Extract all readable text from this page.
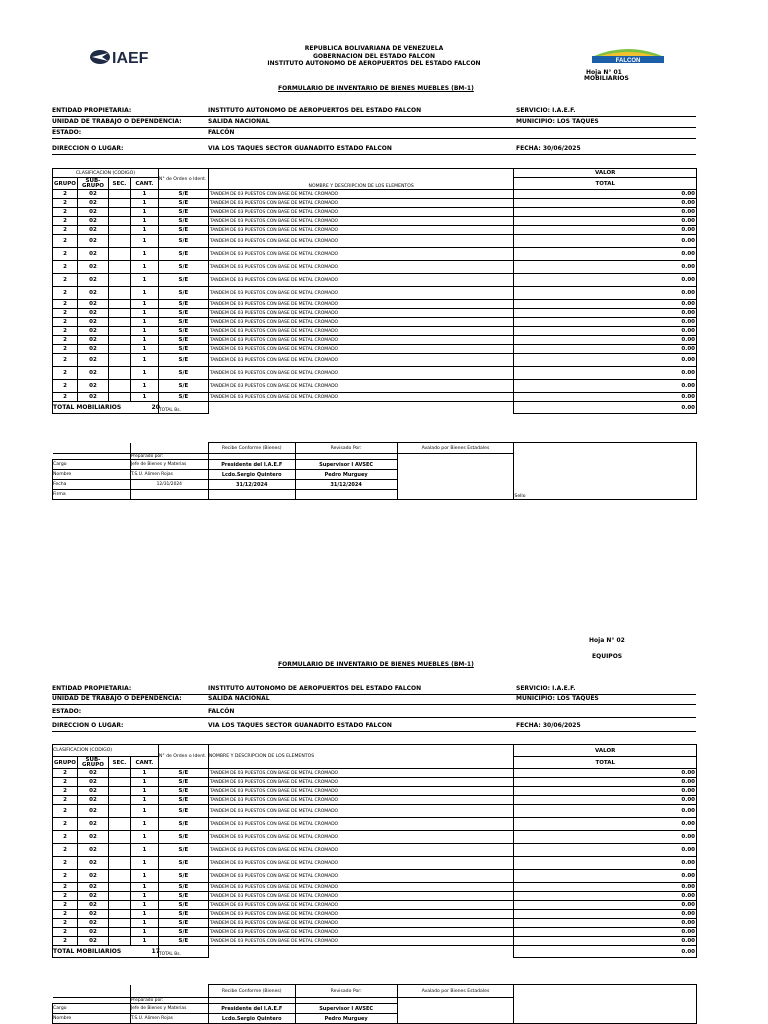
IAEF	FALCON
REPUBLICA BOLIVARIANA DE VENEZUELA
GOBERNACION DEL ESTADO FALCON
INSTITUTO AUTONOMO DE AEROPUERTOS DEL ESTADO FALCON
Hoja N° 01
MOBILIARIOS
FORMULARIO DE INVENTARIO DE BIENES MUEBLES (BM-1)
ENTIDAD PROPIETARIA:	INSTITUTO AUTONOMO DE AEROPUERTOS DEL ESTADO FALCON	SERVICIO: I.A.E.F.
UNIDAD DE TRABAJO O DEPENDENCIA:	SALIDA NACIONAL	MUNICIPIO: LOS TAQUES
ESTADO:	FALCÓN
DIRECCION O LUGAR:	VIA LOS TAQUES SECTOR GUANADITO ESTADO FALCON	FECHA: 30/06/2025
CLASIFICACION (CODIGO)				N° de Orden o Ident.	NOMBRE Y DESCRIPCION DE LOS ELEMENTOS	VALOR
GRUPO	SUB-GRUPO	SEC.	CANT.			TOTAL
2	02		1	S/E	TANDEM DE 03 PUESTOS CON BASE DE METAL CROMADO	0.00
2	02		1	S/E	TANDEM DE 03 PUESTOS CON BASE DE METAL CROMADO	0.00
2	02		1	S/E	TANDEM DE 03 PUESTOS CON BASE DE METAL CROMADO	0.00
2	02		1	S/E	TANDEM DE 03 PUESTOS CON BASE DE METAL CROMADO	0.00
2	02		1	S/E	TANDEM DE 03 PUESTOS CON BASE DE METAL CROMADO	0.00
2	02		1	S/E	TANDEM DE 03 PUESTOS CON BASE DE METAL CROMADO	0.00
2	02		1	S/E	TANDEM DE 03 PUESTOS CON BASE DE METAL CROMADO	0.00
2	02		1	S/E	TANDEM DE 03 PUESTOS CON BASE DE METAL CROMADO	0.00
2	02		1	S/E	TANDEM DE 03 PUESTOS CON BASE DE METAL CROMADO	0.00
2	02		1	S/E	TANDEM DE 03 PUESTOS CON BASE DE METAL CROMADO	0.00
2	02		1	S/E	TANDEM DE 03 PUESTOS CON BASE DE METAL CROMADO	0.00
2	02		1	S/E	TANDEM DE 03 PUESTOS CON BASE DE METAL CROMADO	0.00
2	02		1	S/E	TANDEM DE 03 PUESTOS CON BASE DE METAL CROMADO	0.00
2	02		1	S/E	TANDEM DE 03 PUESTOS CON BASE DE METAL CROMADO	0.00
2	02		1	S/E	TANDEM DE 03 PUESTOS CON BASE DE METAL CROMADO	0.00
2	02		1	S/E	TANDEM DE 03 PUESTOS CON BASE DE METAL CROMADO	0.00
2	02		1	S/E	TANDEM DE 03 PUESTOS CON BASE DE METAL CROMADO	0.00
2	02		1	S/E	TANDEM DE 03 PUESTOS CON BASE DE METAL CROMADO	0.00
2	02		1	S/E	TANDEM DE 03 PUESTOS CON BASE DE METAL CROMADO	0.00
2	02		1	S/E	TANDEM DE 03 PUESTOS CON BASE DE METAL CROMADO	0.00
TOTAL MOBILIARIOS 20				TOTAL Bs.		0.00
		Recibe Conforme (Bienes)	Revisado Por:	Avalado por Bienes Estadales	Sello
	Preparado por:				
Cargo	Jefe de Bienes y Materias	Presidente del I.A.E.F	Supervisor I AVSEC		
Nombre	T.S.U. Alimen Rojas	Lcdo.Sergio Quintero	Pedro Murguey		
Fecha	12/31/2024	31/12/2024	31/12/2024		
Firma					
Hoja N° 02
EQUIPOS
FORMULARIO DE INVENTARIO DE BIENES MUEBLES (BM-1)
ENTIDAD PROPIETARIA:	INSTITUTO AUTONOMO DE AEROPUERTOS DEL ESTADO FALCON	SERVICIO: I.A.E.F.
UNIDAD DE TRABAJO O DEPENDENCIA:	SALIDA NACIONAL	MUNICIPIO: LOS TAQUES
ESTADO:	FALCÓN
DIRECCION O LUGAR:	VIA LOS TAQUES SECTOR GUANADITO ESTADO FALCON	FECHA: 30/06/2025
CLASIFICACION (CODIGO)				N° de Orden o Ident.	NOMBRE Y DESCRIPCION DE LOS ELEMENTOS	VALOR
GRUPO	SUB-GRUPO	SEC.	CANT.			TOTAL
2	02		1	S/E	TANDEM DE 03 PUESTOS CON BASE DE METAL CROMADO	0.00
2	02		1	S/E	TANDEM DE 03 PUESTOS CON BASE DE METAL CROMADO	0.00
2	02		1	S/E	TANDEM DE 03 PUESTOS CON BASE DE METAL CROMADO	0.00
2	02		1	S/E	TANDEM DE 03 PUESTOS CON BASE DE METAL CROMADO	0.00
2	02		1	S/E	TANDEM DE 03 PUESTOS CON BASE DE METAL CROMADO	0.00
2	02		1	S/E	TANDEM DE 03 PUESTOS CON BASE DE METAL CROMADO	0.00
2	02		1	S/E	TANDEM DE 03 PUESTOS CON BASE DE METAL CROMADO	0.00
2	02		1	S/E	TANDEM DE 03 PUESTOS CON BASE DE METAL CROMADO	0.00
2	02		1	S/E	TANDEM DE 03 PUESTOS CON BASE DE METAL CROMADO	0.00
2	02		1	S/E	TANDEM DE 03 PUESTOS CON BASE DE METAL CROMADO	0.00
2	02		1	S/E	TANDEM DE 03 PUESTOS CON BASE DE METAL CROMADO	0.00
2	02		1	S/E	TANDEM DE 03 PUESTOS CON BASE DE METAL CROMADO	0.00
2	02		1	S/E	TANDEM DE 03 PUESTOS CON BASE DE METAL CROMADO	0.00
2	02		1	S/E	TANDEM DE 03 PUESTOS CON BASE DE METAL CROMADO	0.00
2	02		1	S/E	TANDEM DE 03 PUESTOS CON BASE DE METAL CROMADO	0.00
2	02		1	S/E	TANDEM DE 03 PUESTOS CON BASE DE METAL CROMADO	0.00
2	02		1	S/E	TANDEM DE 03 PUESTOS CON BASE DE METAL CROMADO	0.00
TOTAL MOBILIARIOS 17				TOTAL Bs.		0.00
		Recibe Conforme (Bienes)	Revisado Por:	Avalado por Bienes Estadales	
	Preparado por:				
Cargo	Jefe de Bienes y Materias	Presidente del I.A.E.F	Supervisor I AVSEC		
Nombre	T.S.U. Alimen Rojas	Lcdo.Sergio Quintero	Pedro Murguey		
